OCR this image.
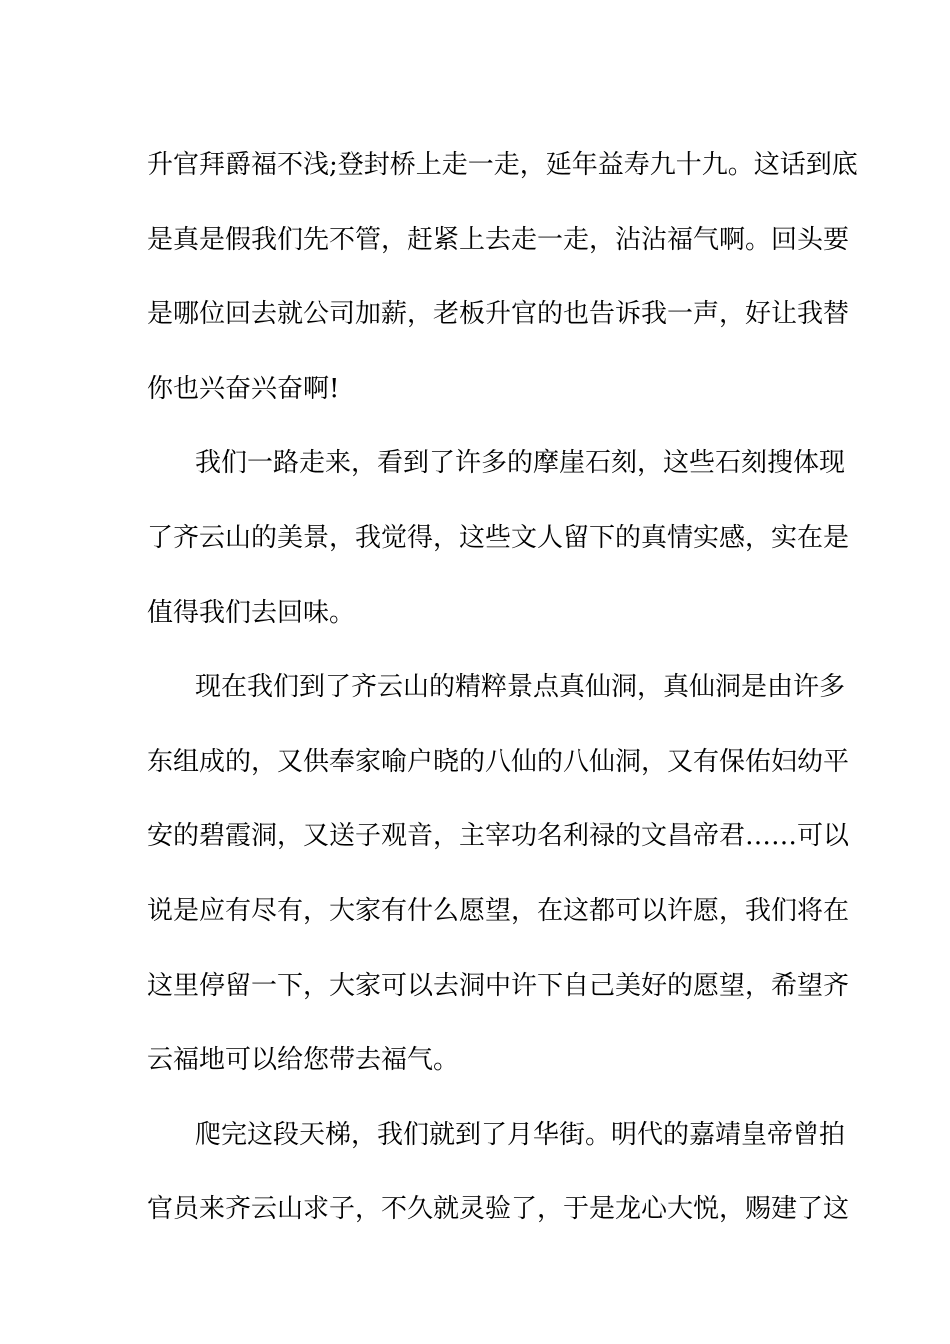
升官拜爵福不浅;登封桥上走一走，延年益寿九十九。这话到底
是真是假我们先不管，赶紧上去走一走，沾沾福气啊。回头要
是哪位回去就公司加薪，老板升官的也告诉我一声，好让我替
你也兴奋兴奋啊!
我们一路走来，看到了许多的摩崖石刻，这些石刻搜体现
了齐云山的美景，我觉得，这些文人留下的真情实感，实在是
值得我们去回味。
现在我们到了齐云山的精粹景点真仙洞，真仙洞是由许多
东组成的，又供奉家喻户晓的八仙的八仙洞，又有保佑妇幼平
安的碧霞洞，又送子观音，主宰功名利禄的文昌帝君……可以
说是应有尽有，大家有什么愿望，在这都可以许愿，我们将在
这里停留一下，大家可以去洞中许下自己美好的愿望，希望齐
云福地可以给您带去福气。
爬完这段天梯，我们就到了月华街。明代的嘉靖皇帝曾拍
官员来齐云山求子，不久就灵验了，于是龙心大悦，赐建了这
